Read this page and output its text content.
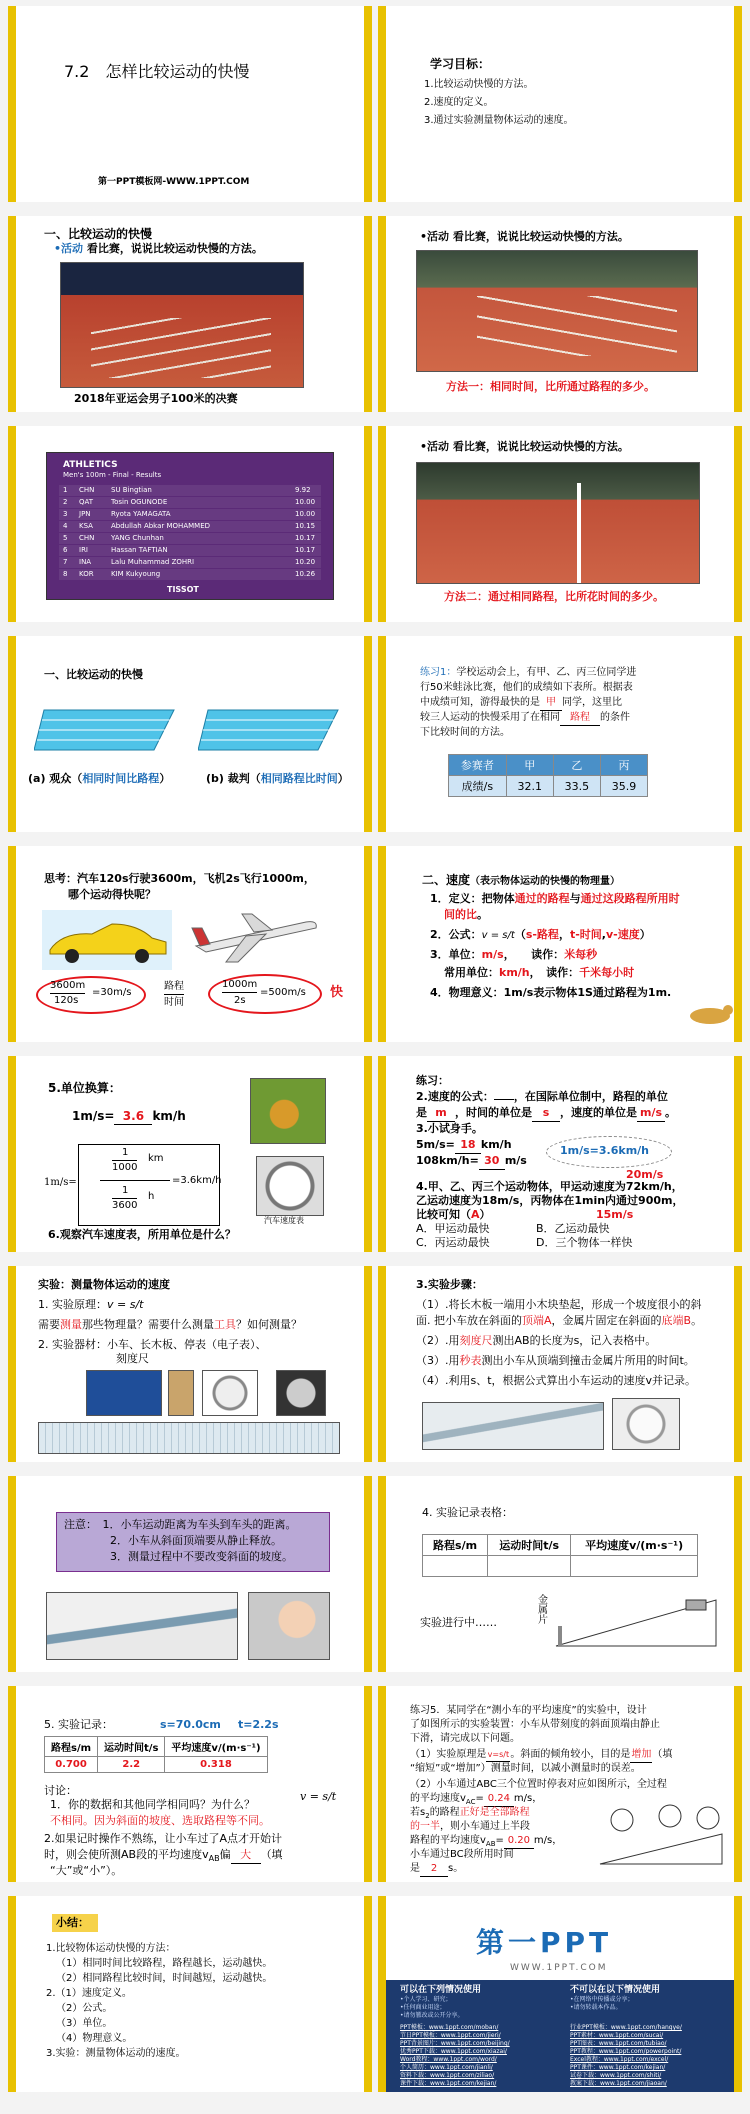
7.2　怎样比较运动的快慢
第一PPT模板网-WWW.1PPT.COM
学习目标：
1.比较运动快慢的方法。
2.速度的定义。
3.通过实验测量物体运动的速度。
一、比较运动的快慢
•活动 看比赛，说说比较运动快慢的方法。
2018年亚运会男子100米的决赛
•活动 看比赛，说说比较运动快慢的方法。
方法一：相同时间，比所通过路程的多少。
ATHLETICS
Men's 100m - Final - Results
1 CHN SU Bingtian	9.92
2 QAT	Tosin OGUNODE	10.00
3 JPN	Ryota YAMAGATA	10.00
4 KSA	Abdullah Abkar MOHAMMED	10.15
5 CHN YANG Chunhan	10.17
6 IRI	Hassan TAFTIAN	10.17
7 INA	Lalu Muhammad ZOHRI	10.20
8 KOR KIM Kukyoung	10.26
TISSOT
•活动 看比赛，说说比较运动快慢的方法。
方法二：通过相同路程，比所花时间的多少。
一、比较运动的快慢
(a) 观众（相同时间比路程）	(b) 裁判（相同路程比时间）
练习1：学校运动会上，有甲、乙、丙三位同学进
行50米蛙泳比赛，他们的成绩如下表所。根据表
中成绩可知，游得最快的是 甲 同学，这里比
较三人运动的快慢采用了在相同 路程 的条件
下比较时间的方法。
参赛者	甲	乙	丙
成绩/s	32.1	33.5	35.9
思考：汽车120s行驶3600m，飞机2s飞行1000m，
哪个运动得快呢？
3600m
120s
=30m/s
路程
时间
1000m
2s
=500m/s 快
二、速度（表示物体运动的快慢的物理量）
1．定义：把物体通过的路程与通过这段路程所用时
间的比。
2．公式：v = s/t（s-路程，t-时间,v-速度）
3．单位：m/s，　　读作：米每秒
常用单位：km/h，　读作：千米每小时
4．物理意义：1m/s表示物体1S通过路程为1m.
5.单位换算：
1m/s= 3.6 km/h
1m/s=
1
1000
km
1
3600
h
=3.6km/h
汽车速度表
6.观察汽车速度表，所用单位是什么？
练习：
2.速度的公式： ，在国际单位制中，路程的单位
是 m ，时间的单位是 s ，速度的单位是 m/s 。
3.小试身手。
5m/s= 18 km/h
108km/h= 30 m/s
1m/s=3.6km/h
20m/s
4.甲、乙、丙三个运动物体，甲运动速度为72km/h，
乙运动速度为18m/s，丙物体在1min内通过900m，
比较可知（A）	15m/s
A．甲运动最快	B．乙运动最快
C．丙运动最快	D．三个物体一样快
实验：测量物体运动的速度
1. 实验原理：v = s/t
需要测量那些物理量？需要什么测量工具？如何测量？
2. 实验器材：小车、长木板、停表（电子表）、
刻度尺
3.实验步骤：
（1）.将长木板一端用小木块垫起，形成一个坡度很小的斜
面. 把小车放在斜面的顶端A，金属片固定在斜面的底端B。
（2）.用刻度尺测出AB的长度为s，记入表格中。
（3）.用秒表测出小车从顶端到撞击金属片所用的时间t。
（4）.利用s、t，根据公式算出小车运动的速度v并记录。
注意：　1．小车运动距离为车头到车头的距离。
2．小车从斜面顶端要从静止释放。
3．测量过程中不要改变斜面的坡度。
4. 实验记录表格：
路程s/m	运动时间t/s	平均速度v/(m·s⁻¹)

实验进行中……	金属片
5. 实验记录：	s=70.0cm t=2.2s
路程s/m	运动时间t/s	平均速度v/(m·s⁻¹)
0.700	2.2	0.318
讨论：
1．你的数据和其他同学相同吗？为什么？
v = s/t
不相同。因为斜面的坡度、选取路程等不同。
2.如果记时操作不熟练，让小车过了A点才开始计
时，则会使所测AB段的平均速度$v_{AB}$偏 大 （填
“大”或“小”）。
练习5．某同学在“测小车的平均速度”的实验中，设计
了如图所示的实验装置：小车从带刻度的斜面顶端由静止
下滑，请完成以下问题。
（1）实验原理是v=s/t。斜面的倾角较小，目的是增加（填
“缩短”或“增加”）测量时间，以减小测量时的误差。
（2）小车通过ABC三个位置时停表对应如图所示，全过程
的平均速度$v_{AC}= 0.24$ m/s，
若$s_2$的路程正好是全部路程
的一半，则小车通过上半段
路程的平均速度$v_{AB}= 0.20$ m/s，
小车通过BC段所用时间
是 2 s。
小结：
1.比较物体运动快慢的方法：
（1）相同时间比较路程，路程越长，运动越快。
（2）相同路程比较时间，时间越短，运动越快。
2.（1）速度定义。
（2）公式。
（3）单位。
（4）物理意义。
3.实验：测量物体运动的速度。
第一PPT
WWW.1PPT.COM
可以在下列情况使用	不可以在以下情况使用
•个人学习、研究；
•任何商业用途；
•请勿篡改或公开分享。
•在网络中传播或分享；
•请勿转载本作品。
PPT模板：www.1ppt.com/moban/
节日PPT模板：www.1ppt.com/jieri/
PPT背景图片：www.1ppt.com/beijing/
优秀PPT下载：www.1ppt.com/xiazai/
Word教程：www.1ppt.com/word/
个人简历：www.1ppt.com/jianli/
资料下载：www.1ppt.com/ziliao/
课件下载：www.1ppt.com/kejian/
行业PPT模板：www.1ppt.com/hangye/
PPT素材：www.1ppt.com/sucai/
PPT图表：www.1ppt.com/tubiao/
PPT教程：www.1ppt.com/powerpoint/
Excel教程：www.1ppt.com/excel/
PPT课件：www.1ppt.com/kejian/
试卷下载：www.1ppt.com/shiti/
教案下载：www.1ppt.com/jiaoan/
